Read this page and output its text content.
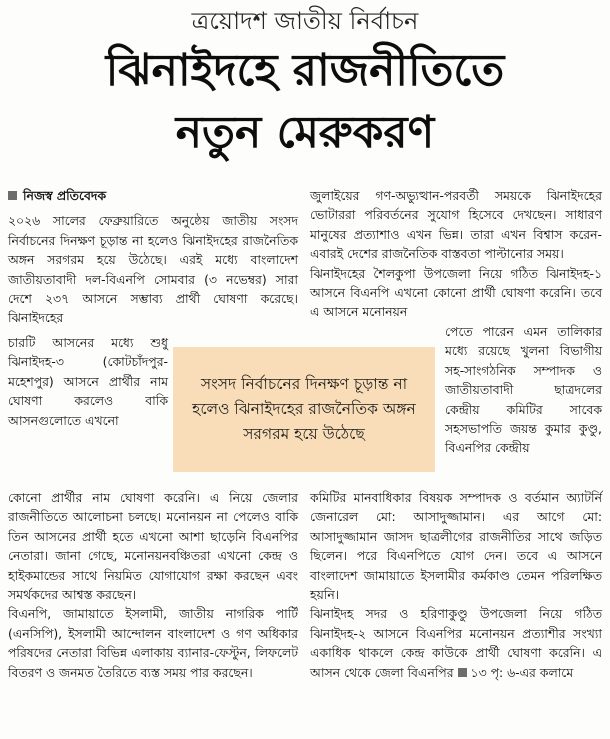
ত্রয়োদশ জাতীয় নির্বাচন
ঝিনাইদহে রাজনীতিতে
নতুন মেরুকরণ
নিজস্ব প্রতিবেদক

২০২৬ সালের ফেব্রুয়ারিতে অনুষ্ঠেয় জাতীয় সংসদ নির্বাচনের দিনক্ষণ চূড়ান্ত না হলেও ঝিনাইদহের রাজনৈতিক অঙ্গন সরগরম হয়ে উঠেছে। এরই মধ্যে বাংলাদেশ জাতীয়তাবাদী দল-বিএনপি সোমবার (৩ নভেম্বর) সারা দেশে ২৩৭ আসনে সম্ভাব্য প্রার্থী ঘোষণা করেছে। ঝিনাইদহের

চারটি আসনের মধ্যে শুধু ঝিনাইদহ-৩ (কোটচাঁদপুর-মহেশপুর) আসনে প্রার্থীর নাম ঘোষণা করলেও বাকি আসনগুলোতে এখনো

কোনো প্রার্থীর নাম ঘোষণা করেনি। এ নিয়ে জেলার রাজনীতিতে আলোচনা চলছে। মনোনয়ন না পেলেও বাকি তিন আসনের প্রার্থী হতে এখনো আশা ছাড়েনি বিএনপির নেতারা। জানা গেছে, মনোনয়নবঞ্চিতরা এখনো কেন্দ্র ও হাইকমান্ডের সাথে নিয়মিত যোগাযোগ রক্ষা করছেন এবং সমর্থকদের আশ্বস্ত করছেন।

বিএনপি, জামায়াতে ইসলামী, জাতীয় নাগরিক পার্টি (এনসিপি), ইসলামী আন্দোলন বাংলাদেশ ও গণ অধিকার পরিষদের নেতারা বিভিন্ন এলাকায় ব্যানার-ফেস্টুন, লিফলেট বিতরণ ও জনমত তৈরিতে ব্যস্ত সময় পার করছেন।

জুলাইয়ের গণ-অভ্যুত্থান-পরবর্তী সময়কে ঝিনাইদহের ভোটাররা পরিবর্তনের সুযোগ হিসেবে দেখছেন। সাধারণ মানুষের প্রত্যাশাও এখন ভিন্ন। তারা এখন বিশ্বাস করেন- এবারই দেশের রাজনৈতিক বাস্তবতা পাল্টানোর সময়।

ঝিনাইদহের শৈলকুপা উপজেলা নিয়ে গঠিত ঝিনাইদহ-১ আসনে বিএনপি এখনো কোনো প্রার্থী ঘোষণা করেনি। তবে এ আসনে মনোনয়ন

পেতে পারেন এমন তালিকার মধ্যে রয়েছে খুলনা বিভাগীয় সহ-সাংগঠনিক সম্পাদক ও জাতীয়তাবাদী ছাত্রদলের কেন্দ্রীয় কমিটির সাবেক সহসভাপতি জয়ন্ত কুমার কুণ্ডু, বিএনপির কেন্দ্রীয়

কমিটির মানবাধিকার বিষয়ক সম্পাদক ও বর্তমান অ্যাটর্নি জেনারেল মো: আসাদুজ্জামান। এর আগে মো: আসাদুজ্জামান জাসদ ছাত্রলীগের রাজনীতির সাথে জড়িত ছিলেন। পরে বিএনপিতে যোগ দেন। তবে এ আসনে বাংলাদেশ জামায়াতে ইসলামীর কর্মকাণ্ড তেমন পরিলক্ষিত হয়নি।

ঝিনাইদহ সদর ও হরিণাকুণ্ডু উপজেলা নিয়ে গঠিত ঝিনাইদহ-২ আসনে বিএনপির মনোনয়ন প্রত্যাশীর সংখ্যা একাধিক থাকলে কেন্দ্র কাউকে প্রার্থী ঘোষণা করেনি। এ আসন থেকে জেলা বিএনপির ১৩ পৃ: ৬-এর কলামে

সংসদ নির্বাচনের দিনক্ষণ চূড়ান্ত না হলেও ঝিনাইদহের রাজনৈতিক অঙ্গন সরগরম হয়ে উঠেছে
